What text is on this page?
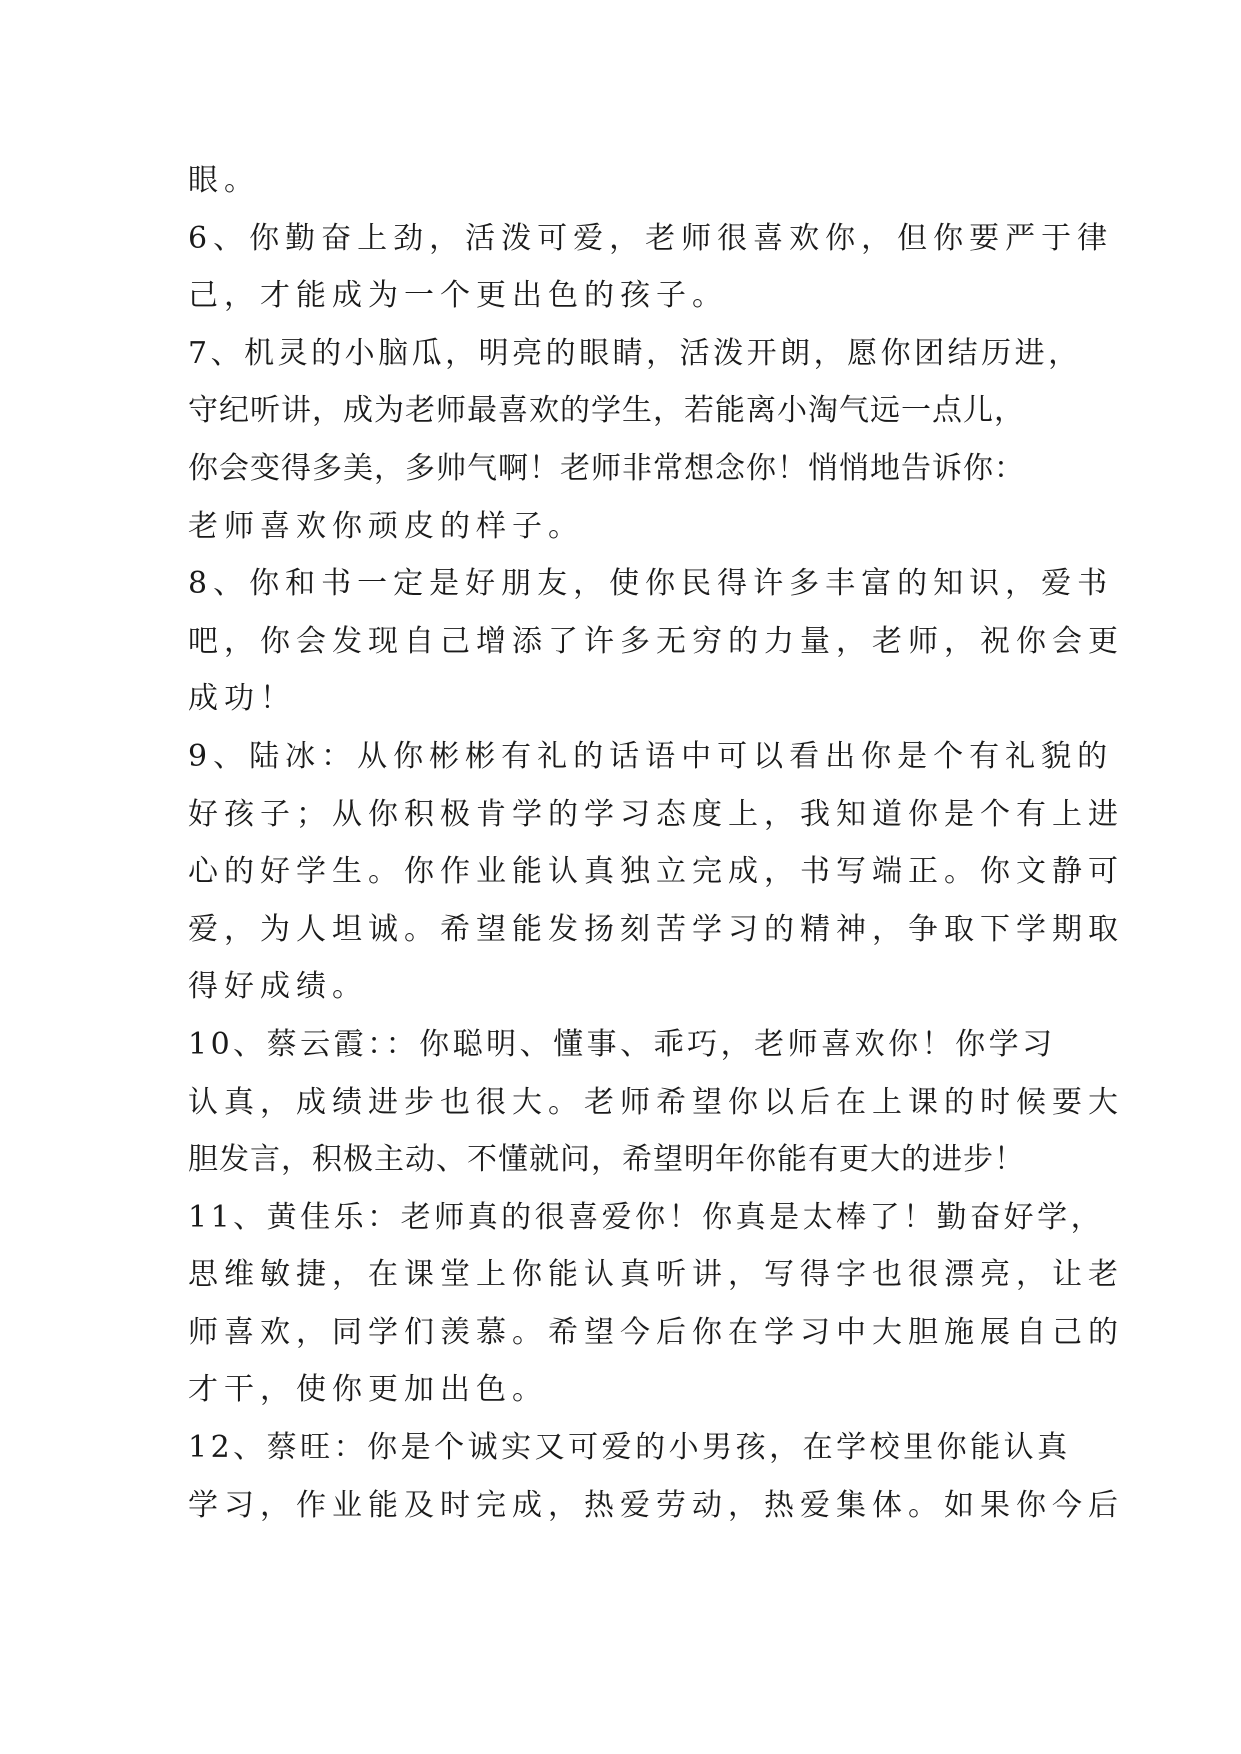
眼。
6、你勤奋上劲，活泼可爱，老师很喜欢你，但你要严于律
己，才能成为一个更出色的孩子。
7、机灵的小脑瓜，明亮的眼睛，活泼开朗，愿你团结历进，
守纪听讲，成为老师最喜欢的学生，若能离小淘气远一点儿，
你会变得多美，多帅气啊！老师非常想念你！悄悄地告诉你：
老师喜欢你顽皮的样子。
8、你和书一定是好朋友，使你民得许多丰富的知识，爱书
吧，你会发现自己增添了许多无穷的力量，老师，祝你会更
成功！
9、陆冰：从你彬彬有礼的话语中可以看出你是个有礼貌的
好孩子；从你积极肯学的学习态度上，我知道你是个有上进
心的好学生。你作业能认真独立完成，书写端正。你文静可
爱，为人坦诚。希望能发扬刻苦学习的精神，争取下学期取
得好成绩。
10、蔡云霞：：你聪明、懂事、乖巧，老师喜欢你！你学习
认真，成绩进步也很大。老师希望你以后在上课的时候要大
胆发言，积极主动、不懂就问，希望明年你能有更大的进步！
11、黄佳乐：老师真的很喜爱你！你真是太棒了！勤奋好学，
思维敏捷，在课堂上你能认真听讲，写得字也很漂亮，让老
师喜欢，同学们羡慕。希望今后你在学习中大胆施展自己的
才干，使你更加出色。
12、蔡旺：你是个诚实又可爱的小男孩，在学校里你能认真
学习，作业能及时完成，热爱劳动，热爱集体。如果你今后
